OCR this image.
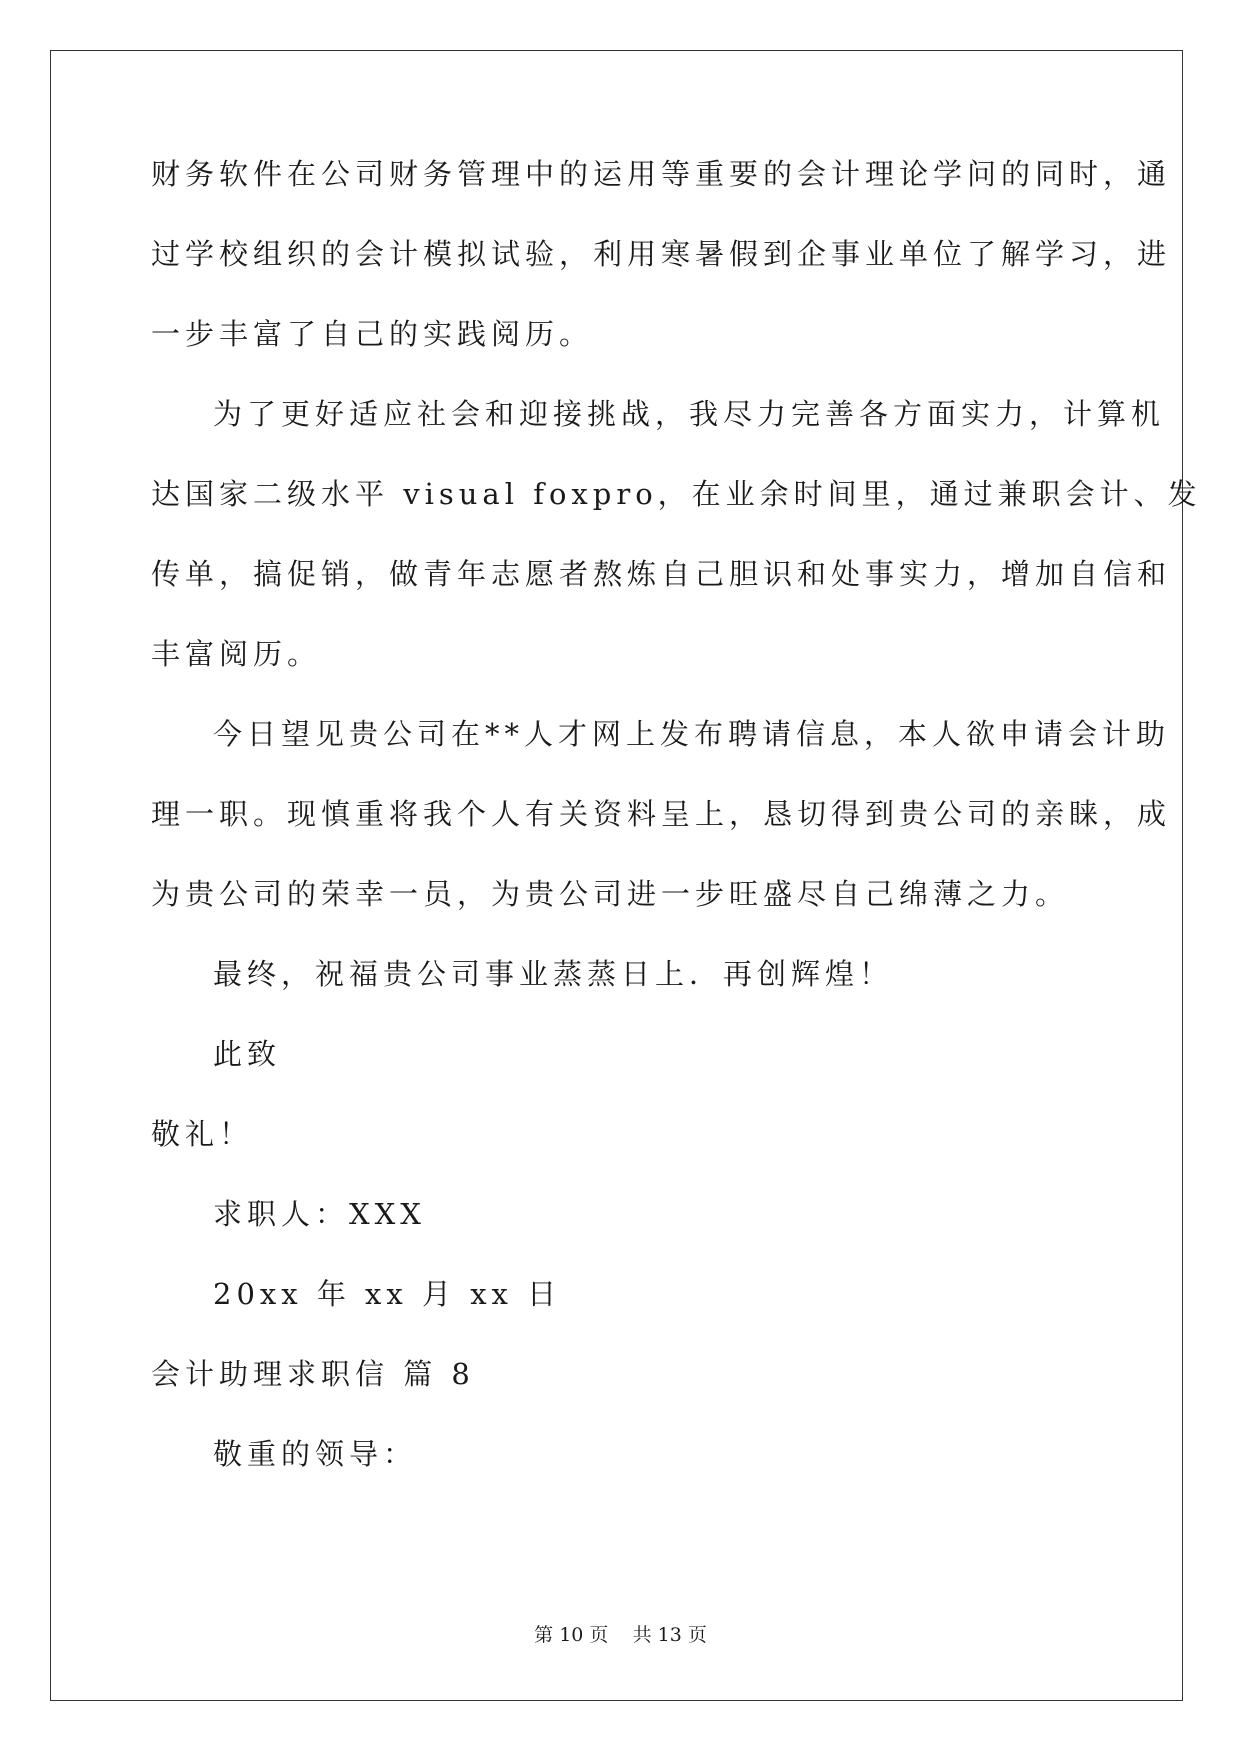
财务软件在公司财务管理中的运用等重要的会计理论学问的同时，通
过学校组织的会计模拟试验，利用寒暑假到企事业单位了解学习，进
一步丰富了自己的实践阅历。
为了更好适应社会和迎接挑战，我尽力完善各方面实力，计算机
达国家二级水平 visual foxpro，在业余时间里，通过兼职会计、发
传单，搞促销，做青年志愿者熬炼自己胆识和处事实力，增加自信和
丰富阅历。
今日望见贵公司在**人才网上发布聘请信息，本人欲申请会计助
理一职。现慎重将我个人有关资料呈上，恳切得到贵公司的亲睐，成
为贵公司的荣幸一员，为贵公司进一步旺盛尽自己绵薄之力。
最终，祝福贵公司事业蒸蒸日上．再创辉煌！
此致
敬礼！
求职人：XXX
20xx 年 xx 月 xx 日
会计助理求职信 篇 8
敬重的领导：
第 10 页    共 13 页
